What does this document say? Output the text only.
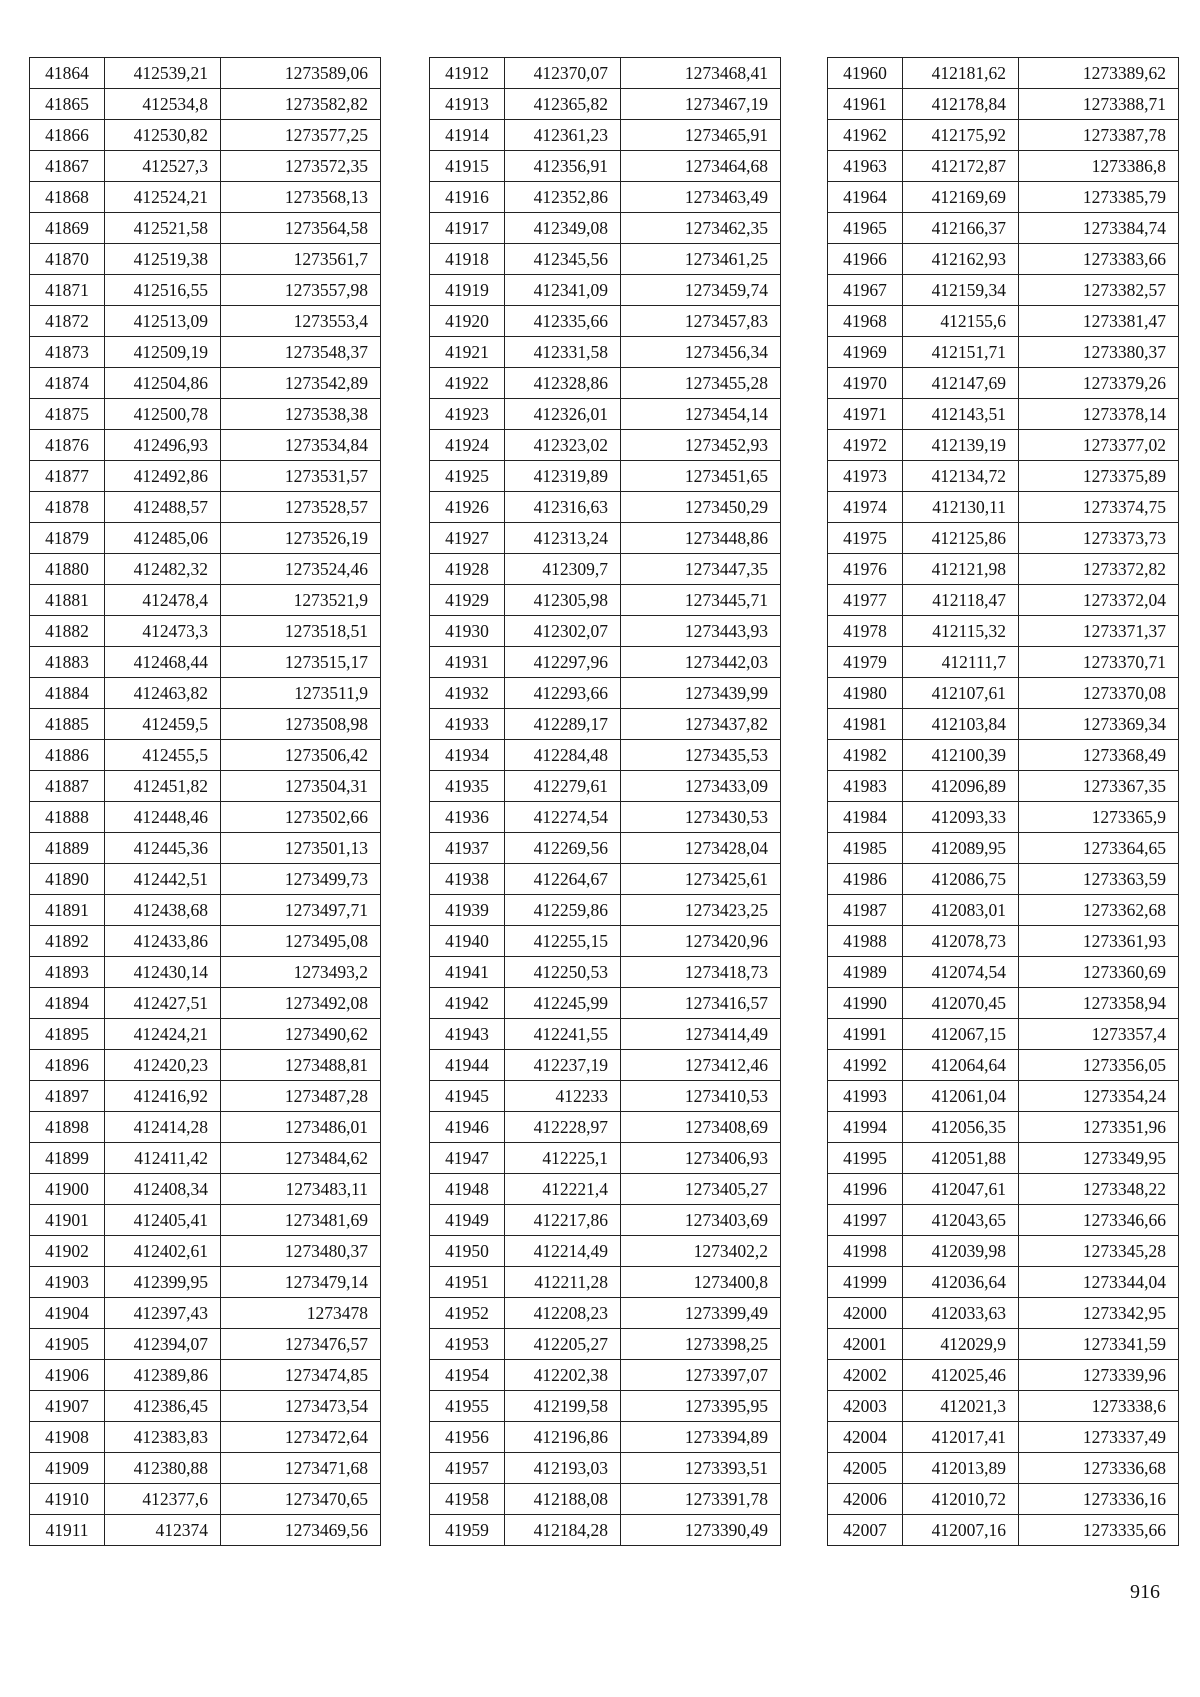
41864	412539,21	1273589,06
41865	412534,8	1273582,82
41866	412530,82	1273577,25
41867	412527,3	1273572,35
41868	412524,21	1273568,13
41869	412521,58	1273564,58
41870	412519,38	1273561,7
41871	412516,55	1273557,98
41872	412513,09	1273553,4
41873	412509,19	1273548,37
41874	412504,86	1273542,89
41875	412500,78	1273538,38
41876	412496,93	1273534,84
41877	412492,86	1273531,57
41878	412488,57	1273528,57
41879	412485,06	1273526,19
41880	412482,32	1273524,46
41881	412478,4	1273521,9
41882	412473,3	1273518,51
41883	412468,44	1273515,17
41884	412463,82	1273511,9
41885	412459,5	1273508,98
41886	412455,5	1273506,42
41887	412451,82	1273504,31
41888	412448,46	1273502,66
41889	412445,36	1273501,13
41890	412442,51	1273499,73
41891	412438,68	1273497,71
41892	412433,86	1273495,08
41893	412430,14	1273493,2
41894	412427,51	1273492,08
41895	412424,21	1273490,62
41896	412420,23	1273488,81
41897	412416,92	1273487,28
41898	412414,28	1273486,01
41899	412411,42	1273484,62
41900	412408,34	1273483,11
41901	412405,41	1273481,69
41902	412402,61	1273480,37
41903	412399,95	1273479,14
41904	412397,43	1273478
41905	412394,07	1273476,57
41906	412389,86	1273474,85
41907	412386,45	1273473,54
41908	412383,83	1273472,64
41909	412380,88	1273471,68
41910	412377,6	1273470,65
41911	412374	1273469,56
41912	412370,07	1273468,41
41913	412365,82	1273467,19
41914	412361,23	1273465,91
41915	412356,91	1273464,68
41916	412352,86	1273463,49
41917	412349,08	1273462,35
41918	412345,56	1273461,25
41919	412341,09	1273459,74
41920	412335,66	1273457,83
41921	412331,58	1273456,34
41922	412328,86	1273455,28
41923	412326,01	1273454,14
41924	412323,02	1273452,93
41925	412319,89	1273451,65
41926	412316,63	1273450,29
41927	412313,24	1273448,86
41928	412309,7	1273447,35
41929	412305,98	1273445,71
41930	412302,07	1273443,93
41931	412297,96	1273442,03
41932	412293,66	1273439,99
41933	412289,17	1273437,82
41934	412284,48	1273435,53
41935	412279,61	1273433,09
41936	412274,54	1273430,53
41937	412269,56	1273428,04
41938	412264,67	1273425,61
41939	412259,86	1273423,25
41940	412255,15	1273420,96
41941	412250,53	1273418,73
41942	412245,99	1273416,57
41943	412241,55	1273414,49
41944	412237,19	1273412,46
41945	412233	1273410,53
41946	412228,97	1273408,69
41947	412225,1	1273406,93
41948	412221,4	1273405,27
41949	412217,86	1273403,69
41950	412214,49	1273402,2
41951	412211,28	1273400,8
41952	412208,23	1273399,49
41953	412205,27	1273398,25
41954	412202,38	1273397,07
41955	412199,58	1273395,95
41956	412196,86	1273394,89
41957	412193,03	1273393,51
41958	412188,08	1273391,78
41959	412184,28	1273390,49
41960	412181,62	1273389,62
41961	412178,84	1273388,71
41962	412175,92	1273387,78
41963	412172,87	1273386,8
41964	412169,69	1273385,79
41965	412166,37	1273384,74
41966	412162,93	1273383,66
41967	412159,34	1273382,57
41968	412155,6	1273381,47
41969	412151,71	1273380,37
41970	412147,69	1273379,26
41971	412143,51	1273378,14
41972	412139,19	1273377,02
41973	412134,72	1273375,89
41974	412130,11	1273374,75
41975	412125,86	1273373,73
41976	412121,98	1273372,82
41977	412118,47	1273372,04
41978	412115,32	1273371,37
41979	412111,7	1273370,71
41980	412107,61	1273370,08
41981	412103,84	1273369,34
41982	412100,39	1273368,49
41983	412096,89	1273367,35
41984	412093,33	1273365,9
41985	412089,95	1273364,65
41986	412086,75	1273363,59
41987	412083,01	1273362,68
41988	412078,73	1273361,93
41989	412074,54	1273360,69
41990	412070,45	1273358,94
41991	412067,15	1273357,4
41992	412064,64	1273356,05
41993	412061,04	1273354,24
41994	412056,35	1273351,96
41995	412051,88	1273349,95
41996	412047,61	1273348,22
41997	412043,65	1273346,66
41998	412039,98	1273345,28
41999	412036,64	1273344,04
42000	412033,63	1273342,95
42001	412029,9	1273341,59
42002	412025,46	1273339,96
42003	412021,3	1273338,6
42004	412017,41	1273337,49
42005	412013,89	1273336,68
42006	412010,72	1273336,16
42007	412007,16	1273335,66
916
